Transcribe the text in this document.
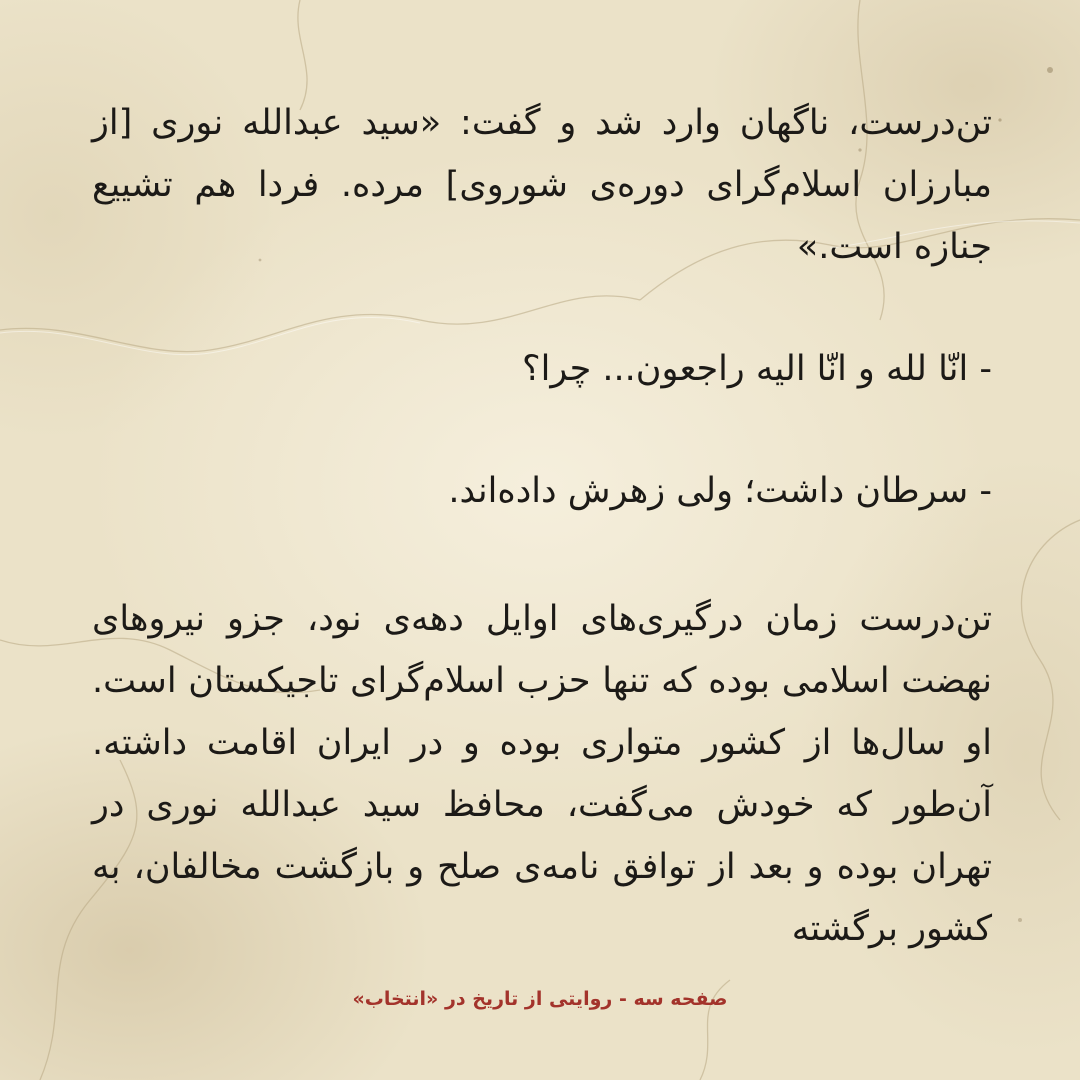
تن‌درست، ناگهان وارد شد و گفت: «سید عبدالله نوری [از مبارزان اسلام‌گرای دوره‌ی شوروی] مرده. فردا هم تشییع جنازه است.»

- انّا لله و انّا الیه راجعون... چرا؟

- سرطان داشت؛ ولی زهرش داده‌اند.

تن‌درست زمان درگیری‌های اوایل دهه‌ی نود، جزو نیروهای نهضت اسلامی بوده که تنها حزب اسلام‌گرای تاجیکستان است. او سال‌ها از کشور متواری بوده و در ایران اقامت داشته. آن‌طور که خودش می‌گفت، محافظ سید عبدالله نوری در تهران بوده و بعد از توافق نامه‌ی صلح و بازگشت مخالفان، به کشور برگشته

صفحه سه - روایتی از تاریخ در «انتخاب»
